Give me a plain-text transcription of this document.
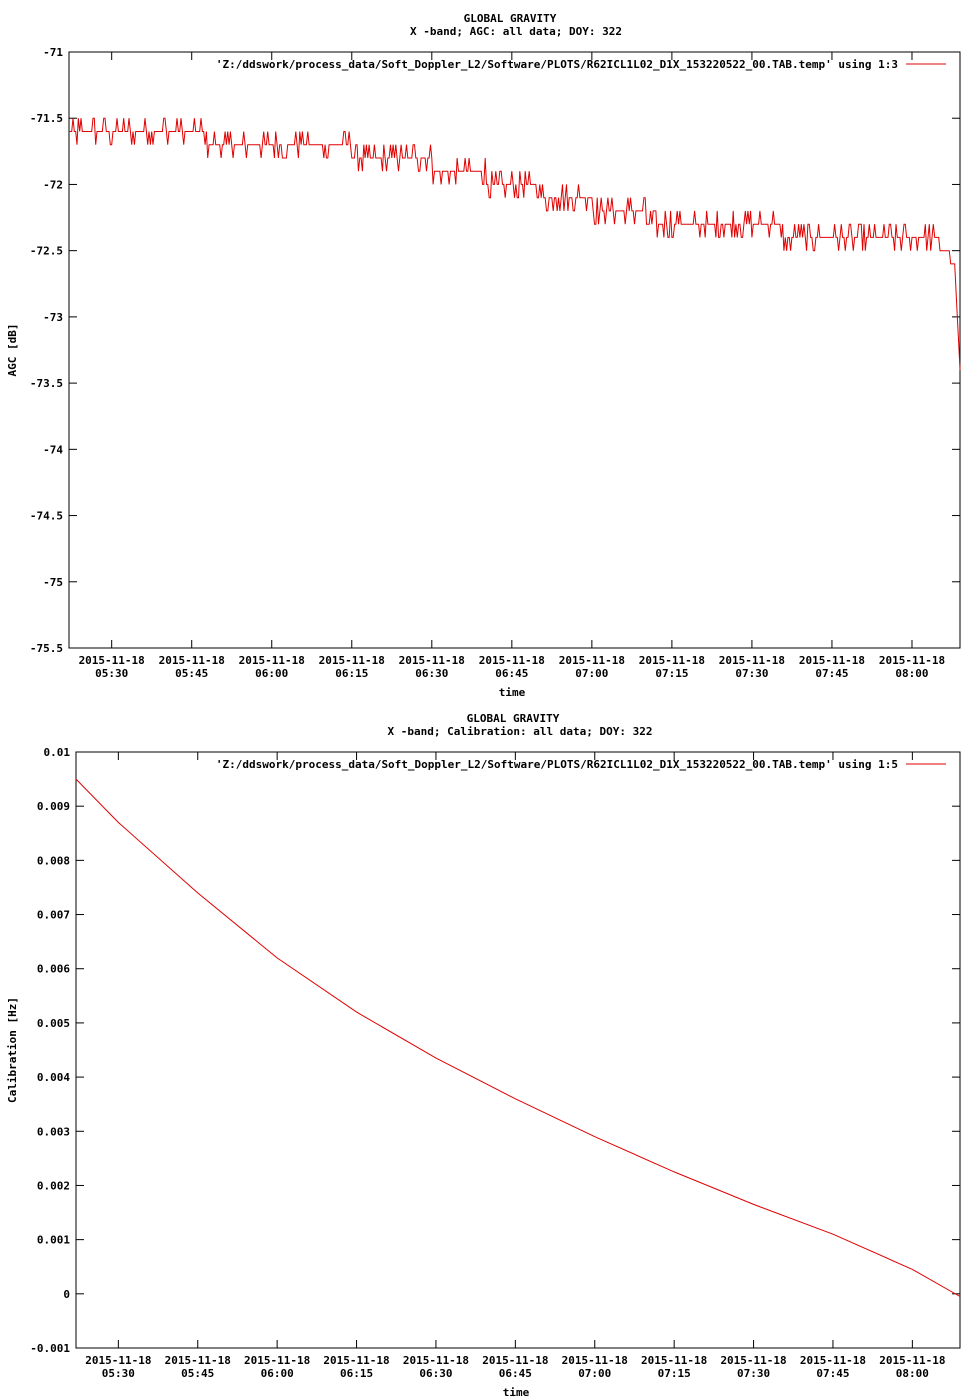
GLOBAL GRAVITY
X -band; AGC: all data; DOY: 322
AGC [dB]
time
-71
-71.5
-72
-72.5
-73
-73.5
-74
-74.5
-75
-75.5
2015-11-18
05:30
2015-11-18
05:45
2015-11-18
06:00
2015-11-18
06:15
2015-11-18
06:30
2015-11-18
06:45
2015-11-18
07:00
2015-11-18
07:15
2015-11-18
07:30
2015-11-18
07:45
2015-11-18
08:00
'Z:/ddswork/process_data/Soft_Doppler_L2/Software/PLOTS/R62ICL1L02_D1X_153220522_00.TAB.temp' using 1:3
GLOBAL GRAVITY
X -band; Calibration: all data; DOY: 322
Calibration [Hz]
time
0.01
0.009
0.008
0.007
0.006
0.005
0.004
0.003
0.002
0.001
0
-0.001
2015-11-18
05:30
2015-11-18
05:45
2015-11-18
06:00
2015-11-18
06:15
2015-11-18
06:30
2015-11-18
06:45
2015-11-18
07:00
2015-11-18
07:15
2015-11-18
07:30
2015-11-18
07:45
2015-11-18
08:00
'Z:/ddswork/process_data/Soft_Doppler_L2/Software/PLOTS/R62ICL1L02_D1X_153220522_00.TAB.temp' using 1:5
